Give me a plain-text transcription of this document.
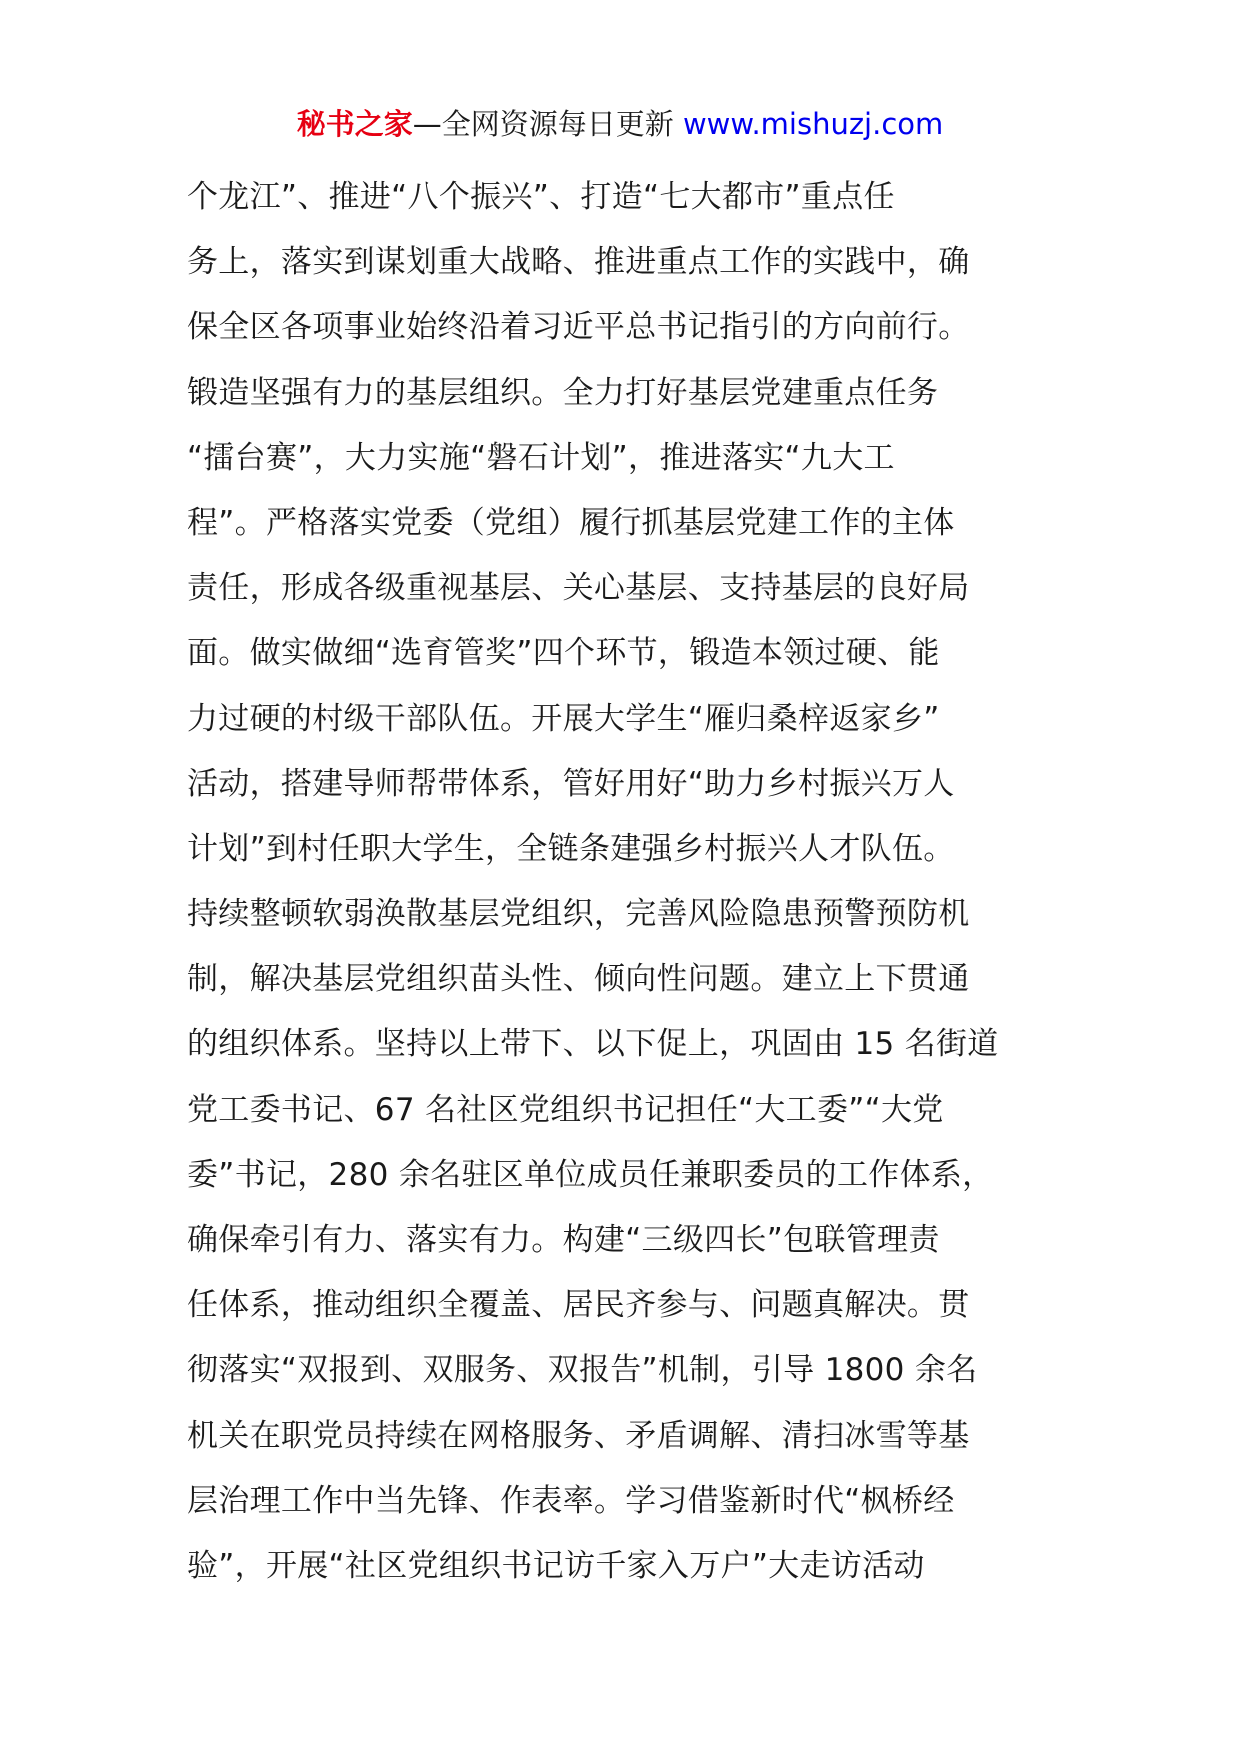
秘书之家—全网资源每日更新 www.mishuzj.com
个龙江”、推进“八个振兴”、打造“七大都市”重点任
务上，落实到谋划重大战略、推进重点工作的实践中，确
保全区各项事业始终沿着习近平总书记指引的方向前行。
锻造坚强有力的基层组织。全力打好基层党建重点任务
“擂台赛”，大力实施“磐石计划”，推进落实“九大工
程”。严格落实党委（党组）履行抓基层党建工作的主体
责任，形成各级重视基层、关心基层、支持基层的良好局
面。做实做细“选育管奖”四个环节，锻造本领过硬、能
力过硬的村级干部队伍。开展大学生“雁归桑梓返家乡”
活动，搭建导师帮带体系，管好用好“助力乡村振兴万人
计划”到村任职大学生，全链条建强乡村振兴人才队伍。
持续整顿软弱涣散基层党组织，完善风险隐患预警预防机
制，解决基层党组织苗头性、倾向性问题。建立上下贯通
的组织体系。坚持以上带下、以下促上，巩固由 15 名街道
党工委书记、67 名社区党组织书记担任“大工委”“大党
委”书记，280 余名驻区单位成员任兼职委员的工作体系，
确保牵引有力、落实有力。构建“三级四长”包联管理责
任体系，推动组织全覆盖、居民齐参与、问题真解决。贯
彻落实“双报到、双服务、双报告”机制，引导 1800 余名
机关在职党员持续在网格服务、矛盾调解、清扫冰雪等基
层治理工作中当先锋、作表率。学习借鉴新时代“枫桥经
验”，开展“社区党组织书记访千家入万户”大走访活动
